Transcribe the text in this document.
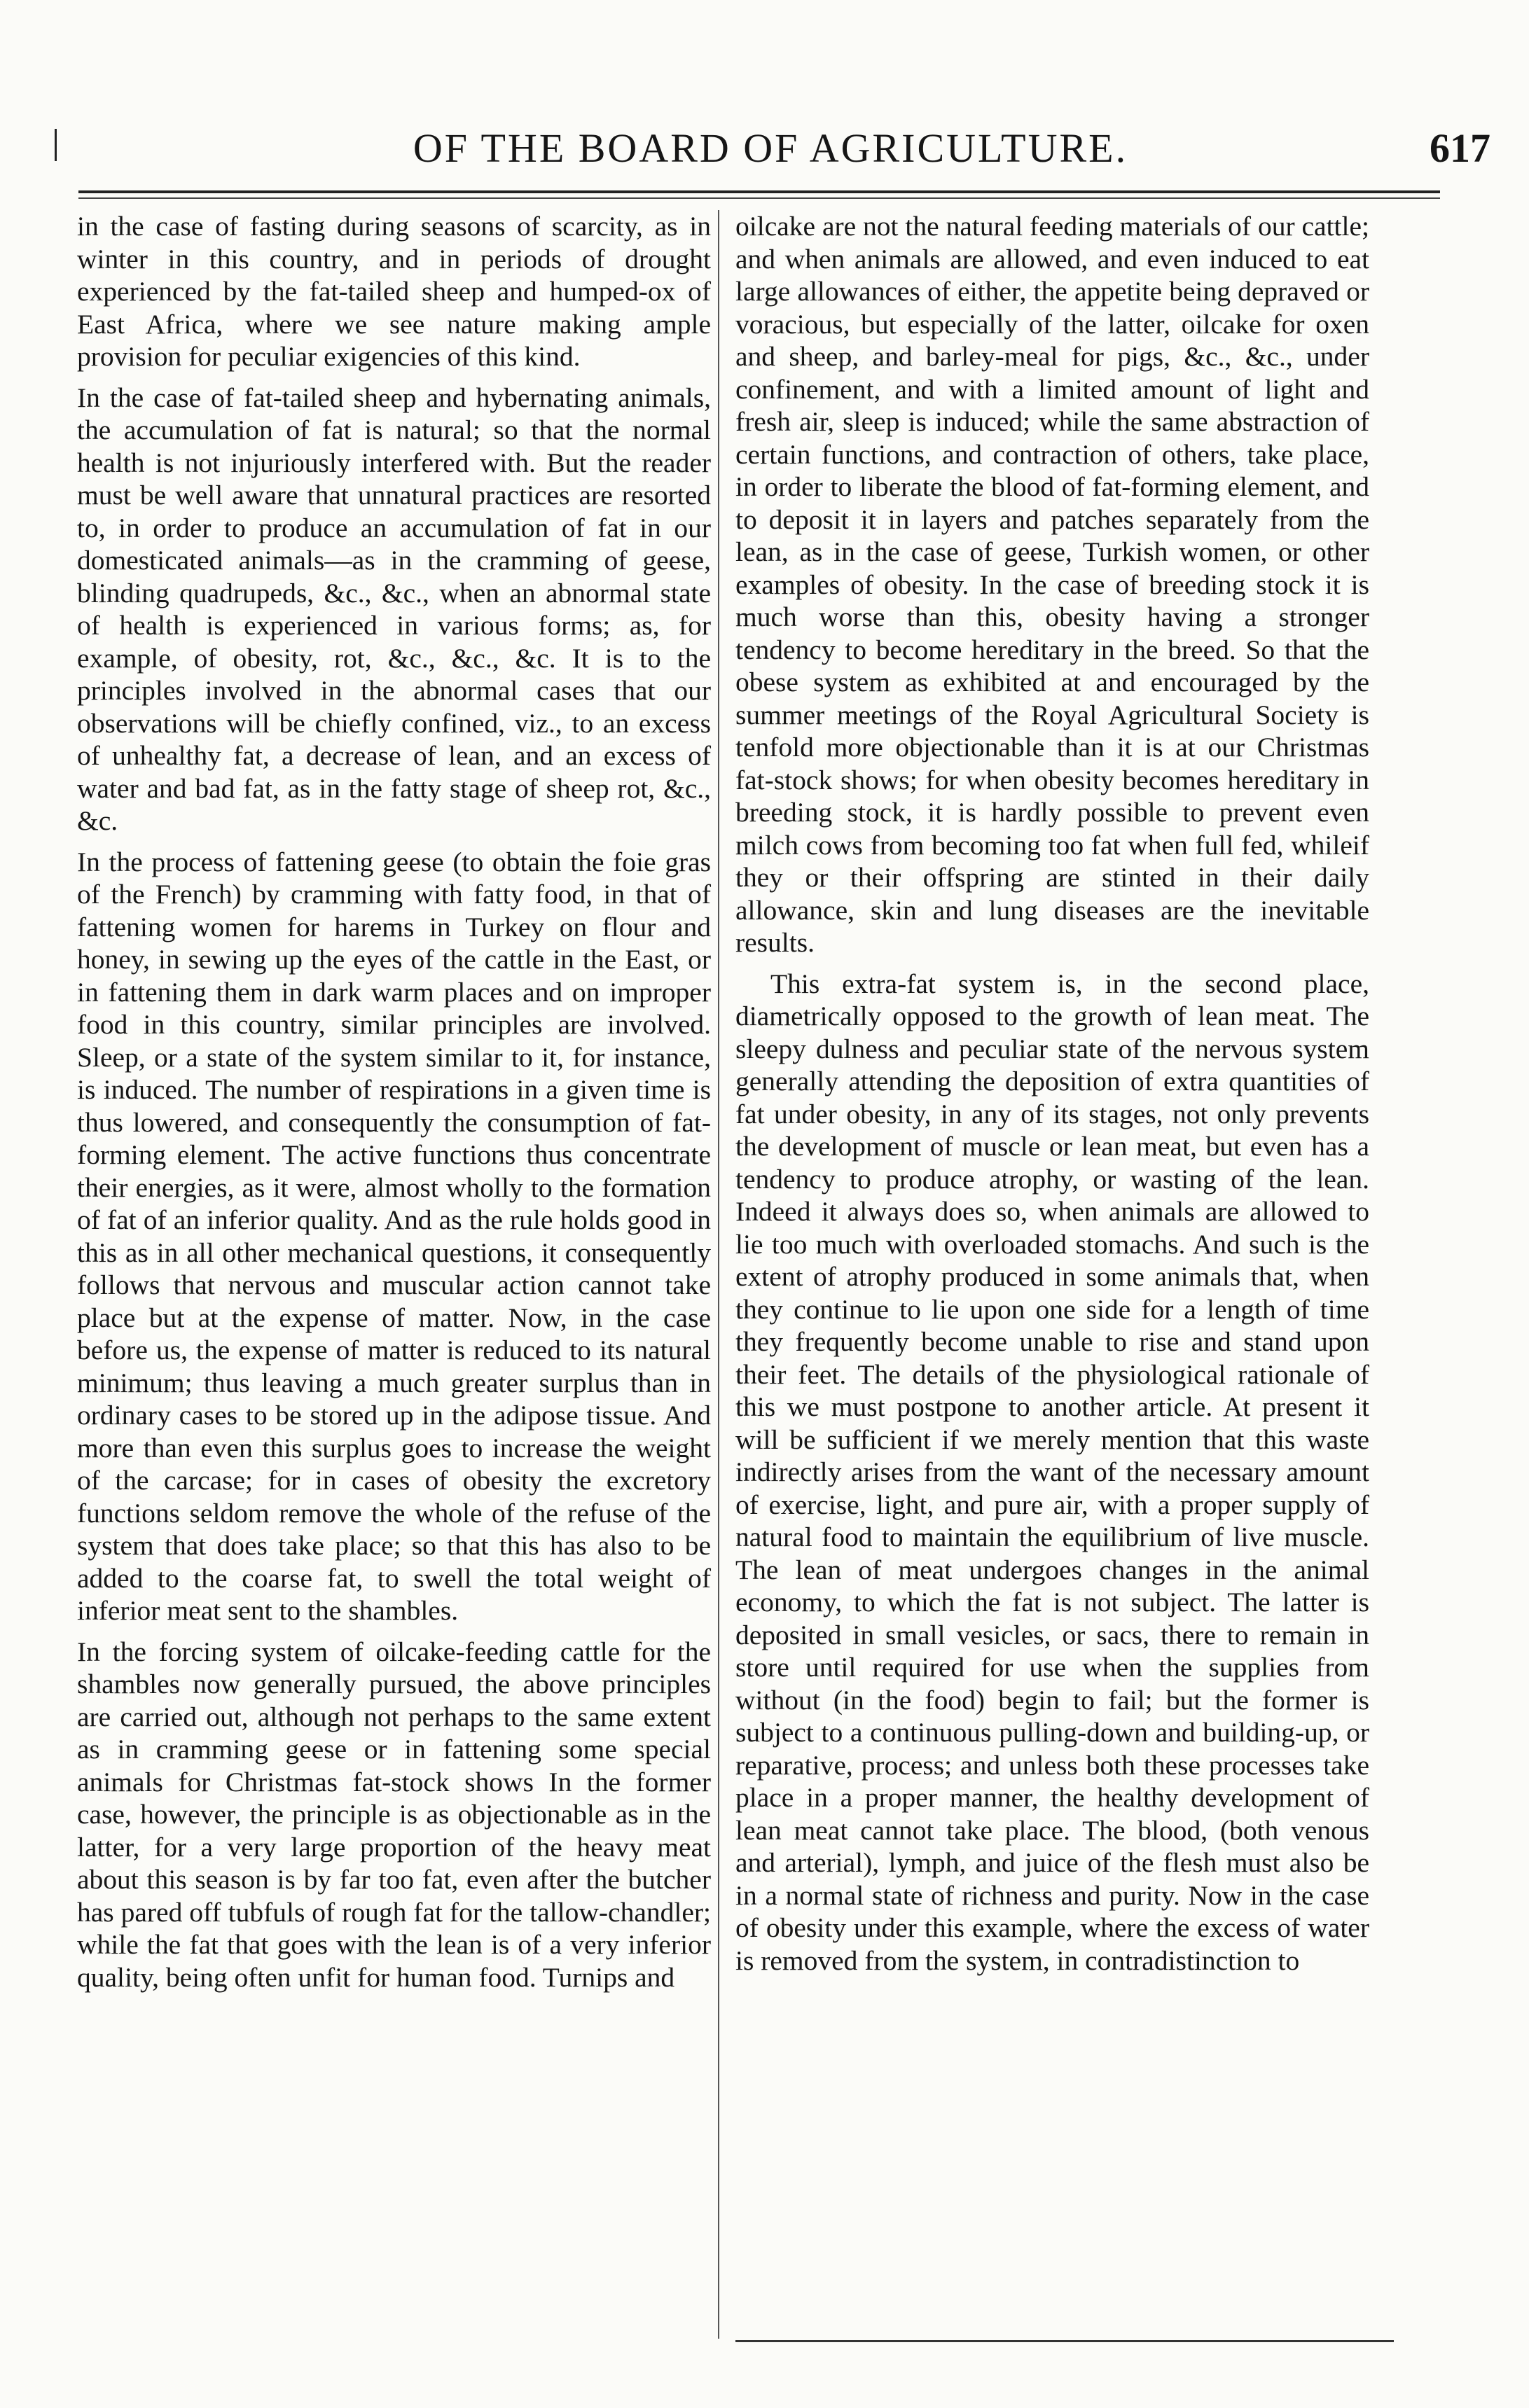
OF THE BOARD OF AGRICULTURE.	617

in the case of fasting during seasons of scarcity, as in winter in this country, and in periods of drought experienced by the fat-tailed sheep and humped-ox of East Africa, where we see nature making ample provision for peculiar exigencies of this kind.

In the case of fat-tailed sheep and hybernating animals, the accumulation of fat is natural; so that the normal health is not injuriously interfered with. But the reader must be well aware that unnatural practices are resorted to, in order to produce an accumulation of fat in our domesticated animals—as in the cramming of geese, blinding quadrupeds, &c., &c., when an abnormal state of health is experienced in various forms; as, for example, of obesity, rot, &c., &c., &c. It is to the principles involved in the abnormal cases that our observations will be chiefly confined, viz., to an excess of unhealthy fat, a decrease of lean, and an excess of water and bad fat, as in the fatty stage of sheep rot, &c., &c.

In the process of fattening geese (to obtain the foie gras of the French) by cramming with fatty food, in that of fattening women for harems in Turkey on flour and honey, in sewing up the eyes of the cattle in the East, or in fattening them in dark warm places and on improper food in this country, similar principles are involved. Sleep, or a state of the system similar to it, for instance, is induced. The number of respirations in a given time is thus lowered, and consequently the consumption of fat-forming element. The active functions thus concentrate their energies, as it were, almost wholly to the formation of fat of an inferior quality. And as the rule holds good in this as in all other mechanical questions, it consequently follows that nervous and muscular action cannot take place but at the expense of matter. Now, in the case before us, the expense of matter is reduced to its natural minimum; thus leaving a much greater surplus than in ordinary cases to be stored up in the adipose tissue. And more than even this surplus goes to increase the weight of the carcase; for in cases of obesity the excretory functions seldom remove the whole of the refuse of the system that does take place; so that this has also to be added to the coarse fat, to swell the total weight of inferior meat sent to the shambles.

In the forcing system of oilcake-feeding cattle for the shambles now generally pursued, the above principles are carried out, although not perhaps to the same extent as in cramming geese or in fattening some special animals for Christmas fat-stock shows In the former case, however, the principle is as objectionable as in the latter, for a very large proportion of the heavy meat about this season is by far too fat, even after the butcher has pared off tubfuls of rough fat for the tallow-chandler; while the fat that goes with the lean is of a very inferior quality, being often unfit for human food. Turnips and

oilcake are not the natural feeding materials of our cattle; and when animals are allowed, and even induced to eat large allowances of either, the appetite being depraved or voracious, but especially of the latter, oilcake for oxen and sheep, and barley-meal for pigs, &c., &c., under confinement, and with a limited amount of light and fresh air, sleep is induced; while the same abstraction of certain functions, and contraction of others, take place, in order to liberate the blood of fat-forming element, and to deposit it in layers and patches separately from the lean, as in the case of geese, Turkish women, or other examples of obesity. In the case of breeding stock it is much worse than this, obesity having a stronger tendency to become hereditary in the breed. So that the obese system as exhibited at and encouraged by the summer meetings of the Royal Agricultural Society is tenfold more objectionable than it is at our Christmas fat-stock shows; for when obesity becomes hereditary in breeding stock, it is hardly possible to prevent even milch cows from becoming too fat when full fed, whileif they or their offspring are stinted in their daily allowance, skin and lung diseases are the inevitable results.

This extra-fat system is, in the second place, diametrically opposed to the growth of lean meat. The sleepy dulness and peculiar state of the nervous system generally attending the deposition of extra quantities of fat under obesity, in any of its stages, not only prevents the development of muscle or lean meat, but even has a tendency to produce atrophy, or wasting of the lean. Indeed it always does so, when animals are allowed to lie too much with overloaded stomachs. And such is the extent of atrophy produced in some animals that, when they continue to lie upon one side for a length of time they frequently become unable to rise and stand upon their feet. The details of the physiological rationale of this we must postpone to another article. At present it will be sufficient if we merely mention that this waste indirectly arises from the want of the necessary amount of exercise, light, and pure air, with a proper supply of natural food to maintain the equilibrium of live muscle. The lean of meat undergoes changes in the animal economy, to which the fat is not subject. The latter is deposited in small vesicles, or sacs, there to remain in store until required for use when the supplies from without (in the food) begin to fail; but the former is subject to a continuous pulling-down and building-up, or reparative, process; and unless both these processes take place in a proper manner, the healthy development of lean meat cannot take place. The blood, (both venous and arterial), lymph, and juice of the flesh must also be in a normal state of richness and purity. Now in the case of obesity under this example, where the excess of water is removed from the system, in contradistinction to
